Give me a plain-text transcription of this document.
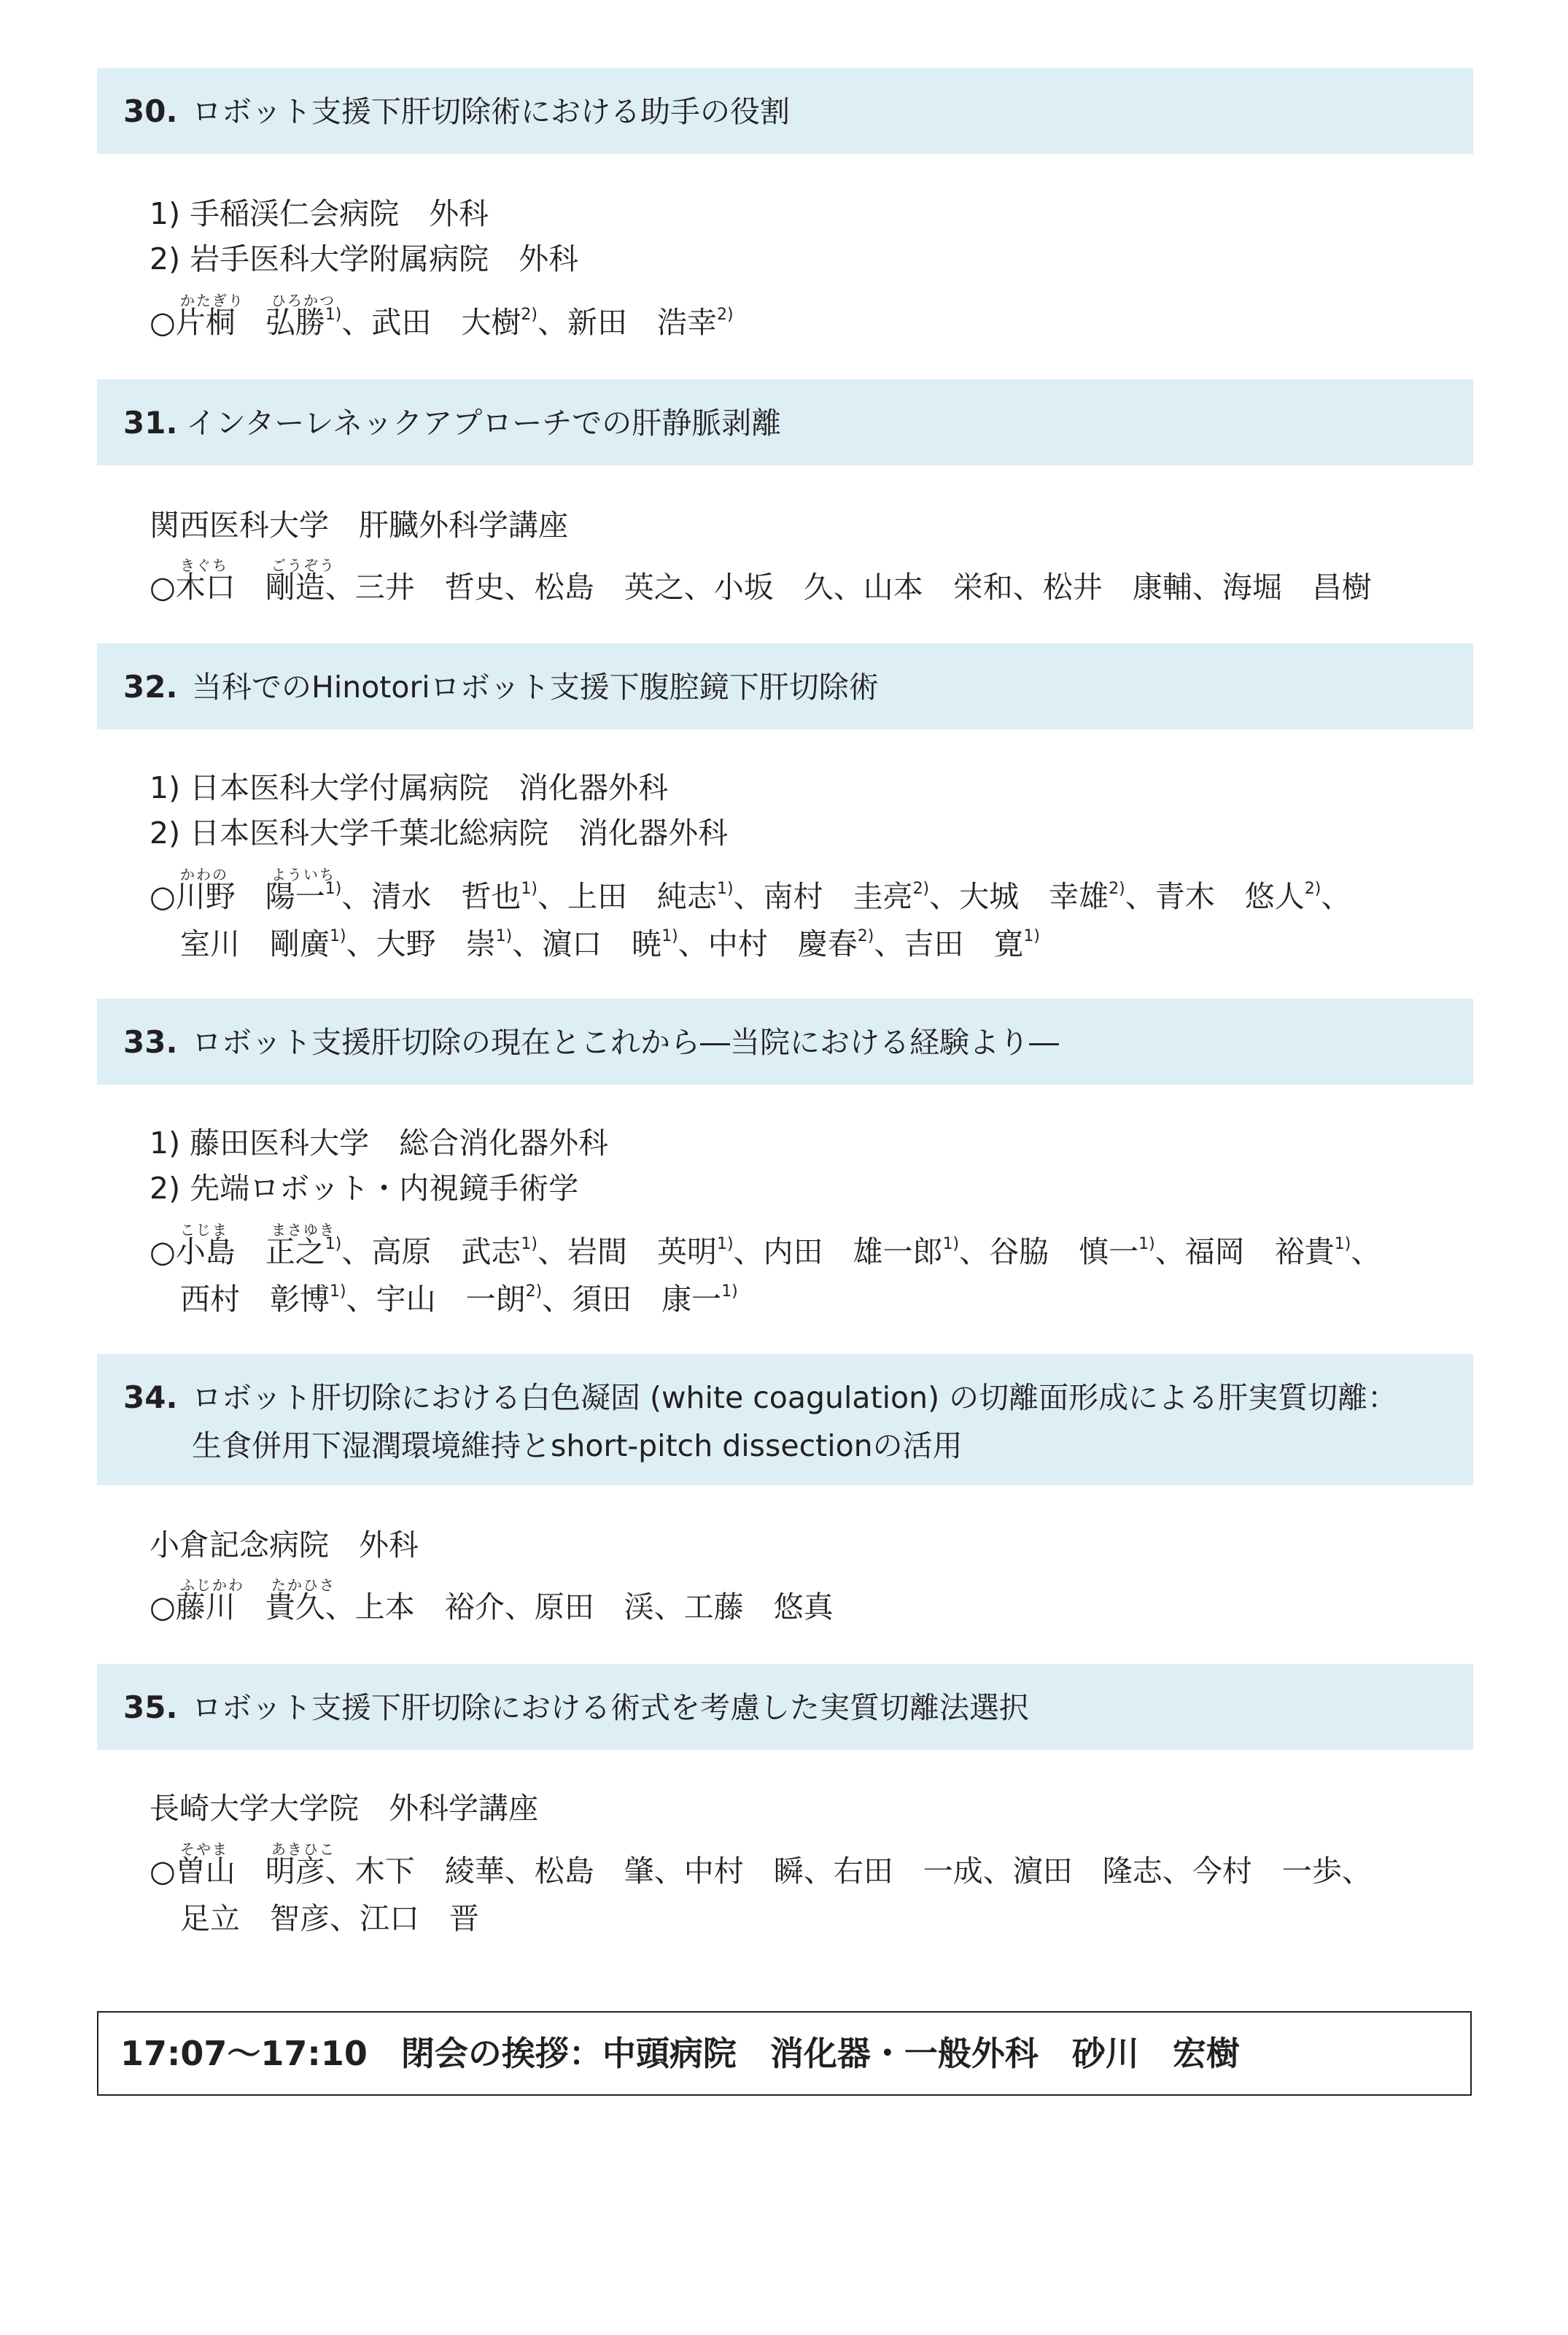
30. ロボット支援下肝切除術における助手の役割
1) 手稲渓仁会病院　外科
2) 岩手医科大学附属病院　外科
かたぎり ひろかつ
○片桐　弘勝$^{1)}$、武田　大樹$^{2)}$、新田　浩幸$^{2)}$
31. インターレネックアプローチでの肝静脈剥離
関西医科大学　肝臓外科学講座
きぐち	ごうぞう
○木口　剛造、三井　哲史、松島　英之、小坂　久、山本　栄和、松井　康輔、海堀　昌樹
32. 当科でのHinotoriロボット支援下腹腔鏡下肝切除術
1) 日本医科大学付属病院　消化器外科
2) 日本医科大学千葉北総病院　消化器外科
かわの	よういち
○川野　陽一$^{1)}$、清水　哲也$^{1)}$、上田　純志$^{1)}$、南村　圭亮$^{2)}$、大城　幸雄$^{2)}$、青木　悠人$^{2)}$、
室川　剛廣$^{1)}$、大野　崇$^{1)}$、濵口　暁$^{1)}$、中村　慶春$^{2)}$、吉田　寛$^{1)}$
33. ロボット支援肝切除の現在とこれから―当院における経験より―
1) 藤田医科大学　総合消化器外科
2) 先端ロボット・内視鏡手術学
こじま	まさゆき
○小島　正之$^{1)}$、高原　武志$^{1)}$、岩間　英明$^{1)}$、内田　雄一郎$^{1)}$、谷脇　慎一$^{1)}$、福岡　裕貴$^{1)}$、
西村　彰博$^{1)}$、宇山　一朗$^{2)}$、須田　康一$^{1)}$
34. ロボット肝切除における白色凝固 (white coagulation) の切離面形成による肝実質切離：
生食併用下湿潤環境維持とshort-pitch dissectionの活用
小倉記念病院　外科
ふじかわ たかひさ
○藤川　貴久、上本　裕介、原田　渓、工藤　悠真
35. ロボット支援下肝切除における術式を考慮した実質切離法選択
長崎大学大学院　外科学講座
そやま	あきひこ
○曽山　明彦、木下　綾華、松島　肇、中村　瞬、右田　一成、濵田　隆志、今村　一歩、
足立　智彦、江口　晋
17:07〜17:10　閉会の挨拶：中頭病院　消化器・一般外科　砂川　宏樹
